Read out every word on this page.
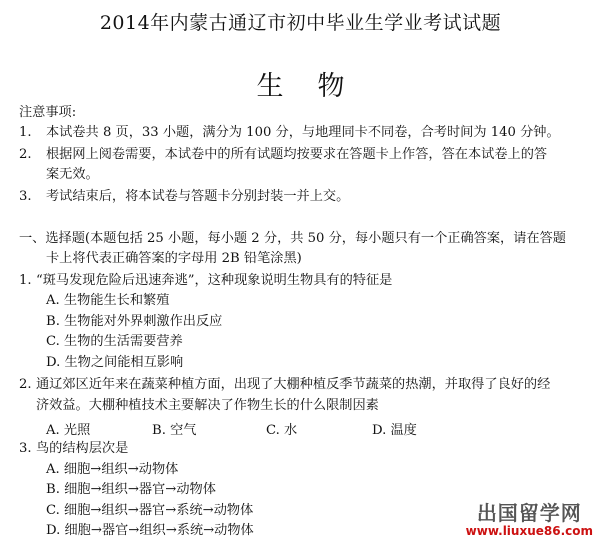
2014年内蒙古通辽市初中毕业生学业考试试题
生物
注意事项:
1. 本试卷共 8 页，33 小题，满分为 100 分，与地理同卡不同卷，合考时间为 140 分钟。
2. 根据网上阅卷需要，本试卷中的所有试题均按要求在答题卡上作答，答在本试卷上的答
案无效。
3. 考试结束后，将本试卷与答题卡分别封装一并上交。
一、选择题(本题包括 25 小题，每小题 2 分，共 50 分，每小题只有一个正确答案，请在答题
卡上将代表正确答案的字母用 2B 铅笔涂黑)
1. “斑马发现危险后迅速奔逃”，这种现象说明生物具有的特征是
A. 生物能生长和繁殖
B. 生物能对外界刺激作出反应
C. 生物的生活需要营养
D. 生物之间能相互影响
2. 通辽郊区近年来在蔬菜种植方面，出现了大棚种植反季节蔬菜的热潮，并取得了良好的经
济效益。大棚种植技术主要解决了作物生长的什么限制因素
A. 光照	B. 空气	C. 水	D. 温度
3. 鸟的结构层次是
A. 细胞→组织→动物体
B. 细胞→组织→器官→动物体
C. 细胞→组织→器官→系统→动物体
D. 细胞→器官→组织→系统→动物体
出国留学网
www.liuxue86.com
